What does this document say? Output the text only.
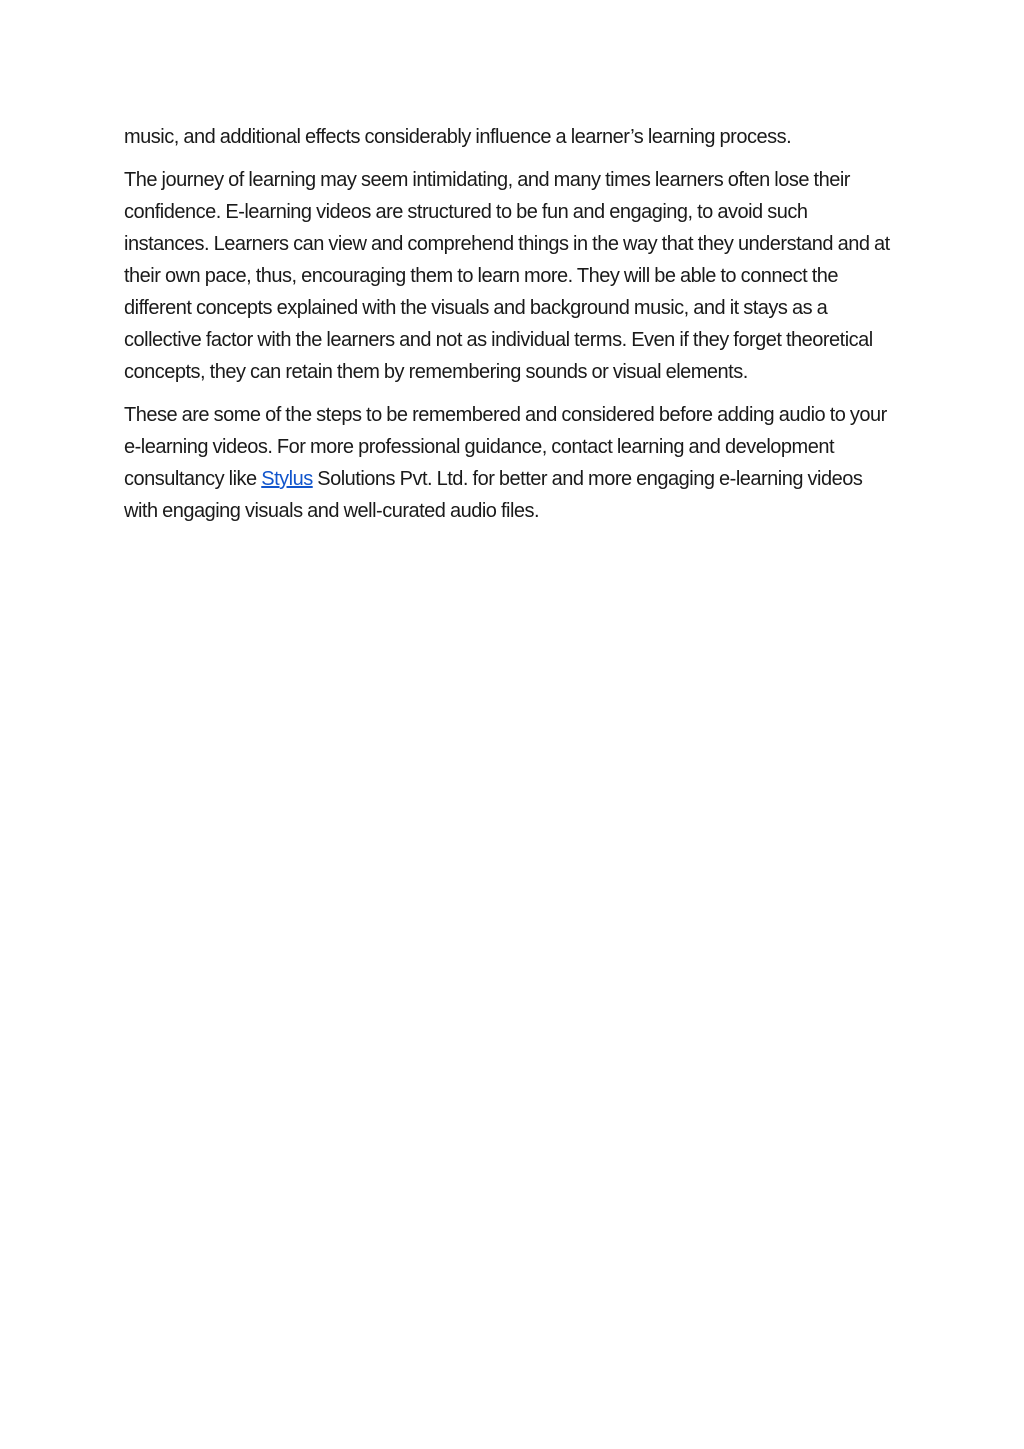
music, and additional effects considerably influence a learner’s learning process.

The journey of learning may seem intimidating, and many times learners often lose their confidence. E-learning videos are structured to be fun and engaging, to avoid such instances. Learners can view and comprehend things in the way that they understand and at their own pace, thus, encouraging them to learn more. They will be able to connect the different concepts explained with the visuals and background music, and it stays as a collective factor with the learners and not as individual terms. Even if they forget theoretical concepts, they can retain them by remembering sounds or visual elements.

These are some of the steps to be remembered and considered before adding audio to your e-learning videos. For more professional guidance, contact learning and development consultancy like Stylus Solutions Pvt. Ltd. for better and more engaging e-learning videos with engaging visuals and well-curated audio files.
